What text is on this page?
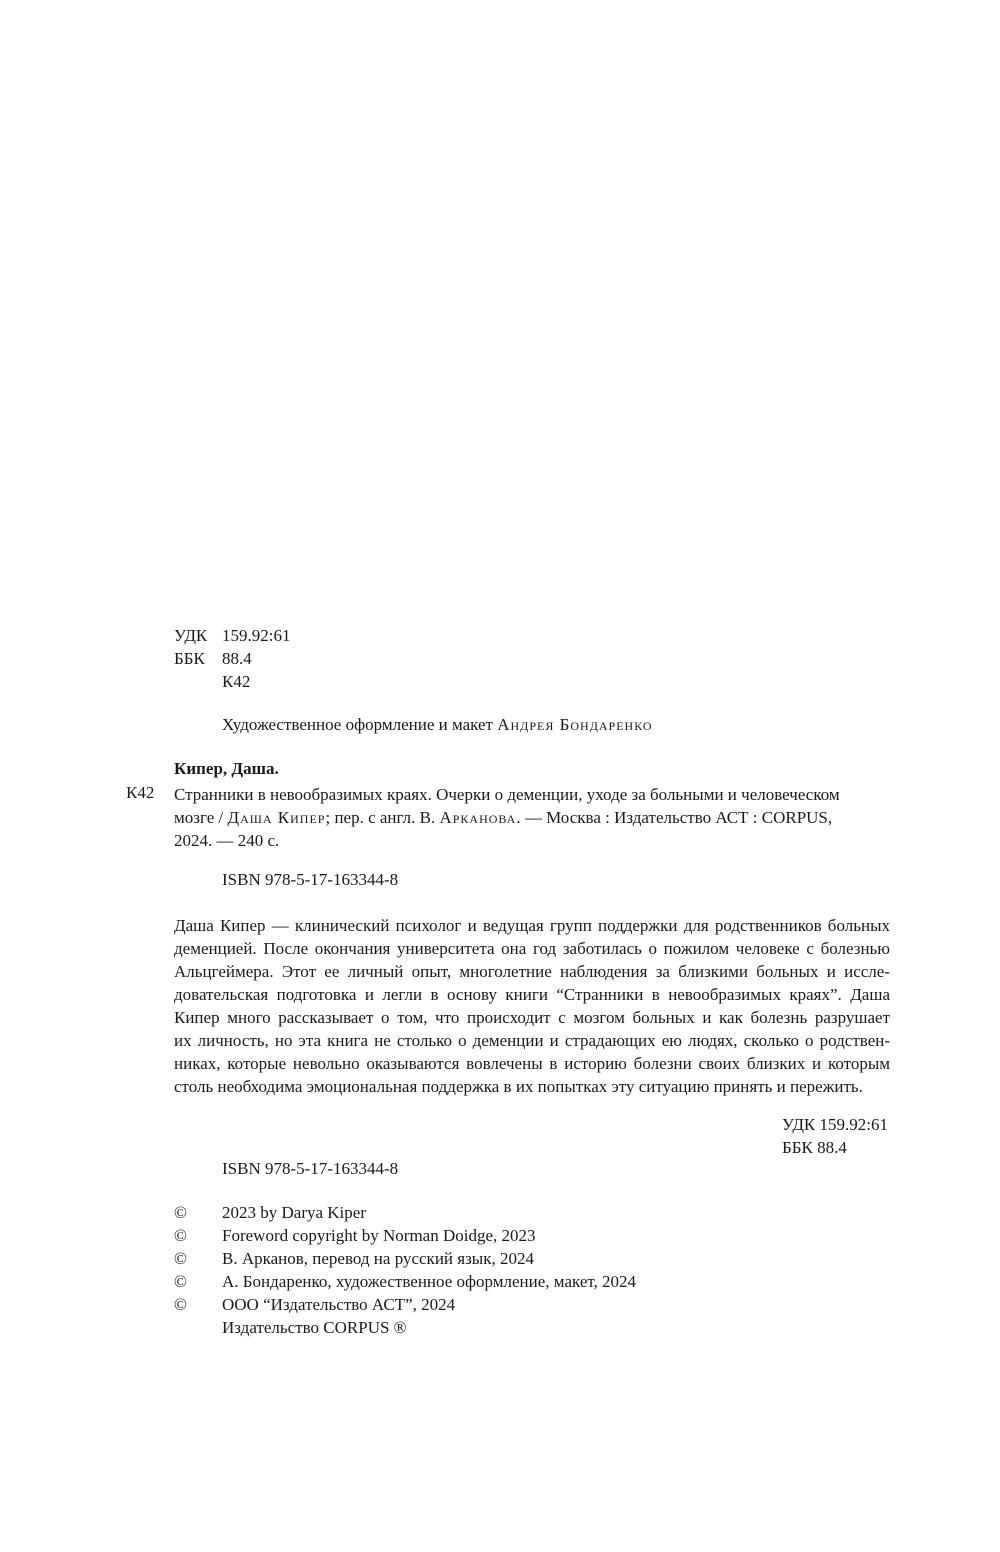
УДК 159.92:61
ББК 88.4
К42
Художественное оформление и макет Андрея Бондаренко
Кипер, Даша.
К42 Странники в невообразимых краях. Очерки о деменции, уходе за больными и человеческом
мозге / Даша Кипер; пер. с англ. В. Арканова. — Москва : Издательство АСТ : CORPUS,
2024. — 240 с.
ISBN 978-5-17-163344-8
Даша Кипер — клинический психолог и ведущая групп поддержки для родственников больных
деменцией. После окончания университета она год заботилась о пожилом человеке с болезнью
Альцгеймера. Этот ее личный опыт, многолетние наблюдения за близкими больных и иссле-
довательская подготовка и легли в основу книги “Странники в невообразимых краях”. Даша
Кипер много рассказывает о том, что происходит с мозгом больных и как болезнь разрушает
их личность, но эта книга не столько о деменции и страдающих ею людях, сколько о родствен-
никах, которые невольно оказываются вовлечены в историю болезни своих близких и которым
столь необходима эмоциональная поддержка в их попытках эту ситуацию принять и пережить.
УДК 159.92:61
ББК 88.4
ISBN 978-5-17-163344-8
© 2023 by Darya Kiper
© Foreword copyright by Norman Doidge, 2023
© В. Арканов, перевод на русский язык, 2024
© А. Бондаренко, художественное оформление, макет, 2024
© ООО “Издательство АСТ”, 2024
Издательство CORPUS ®
